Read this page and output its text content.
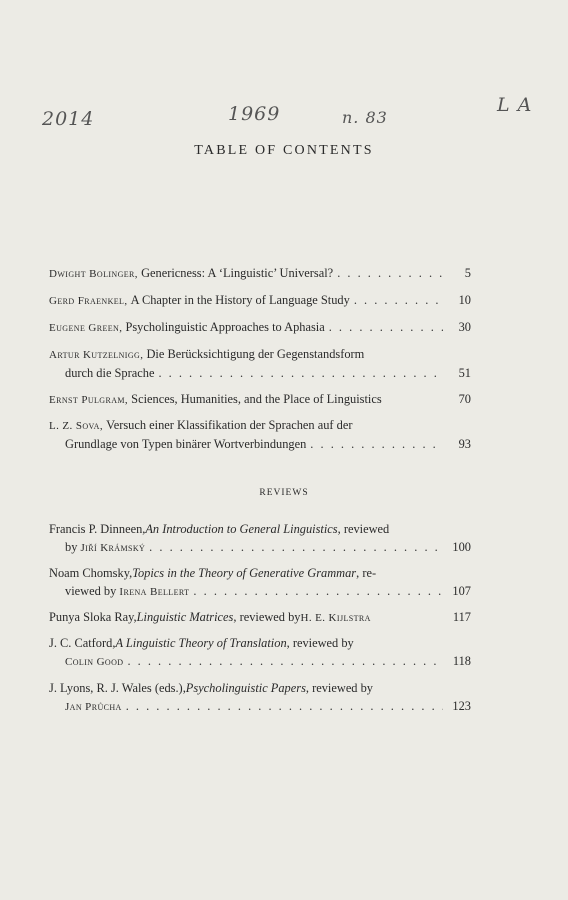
2014	1969	n. 83
L A
TABLE OF CONTENTS
Dwight Bolinger,
Genericness: A ‘Linguistic’ Universal? . . .	5
Gerd Fraenkel,
A Chapter in the History of Language Study . . .	10
Eugene Green,
Psycholinguistic Approaches to Aphasia . . .	30
Artur Kutzelnigg,
Die Berücksichtigung der Gegenstandsform
durch die Sprache . . .	51
Ernst Pulgram,
Sciences, Humanities, and the Place of Linguistics	70
L. Z. Sova,
Versuch einer Klassifikation der Sprachen auf der
Grundlage von Typen binärer Wortverbindungen . . .	93
REVIEWS
Francis P. Dinneen, An Introduction to General Linguistics , reviewed
by
Jiří Krámský . . .	100
Noam Chomsky, Topics in the Theory of Generative Grammar , re-
viewed by
Irena Bellert . . .	107
Punya Sloka Ray, Linguistic Matrices , reviewed by H. E. Kijlstra	117
J. C. Catford, A Linguistic Theory of Translation , reviewed by
Colin Good . . .	118
J. Lyons, R. J. Wales (eds.), Psycholinguistic Papers , reviewed by
Jan Průcha . . .	123
